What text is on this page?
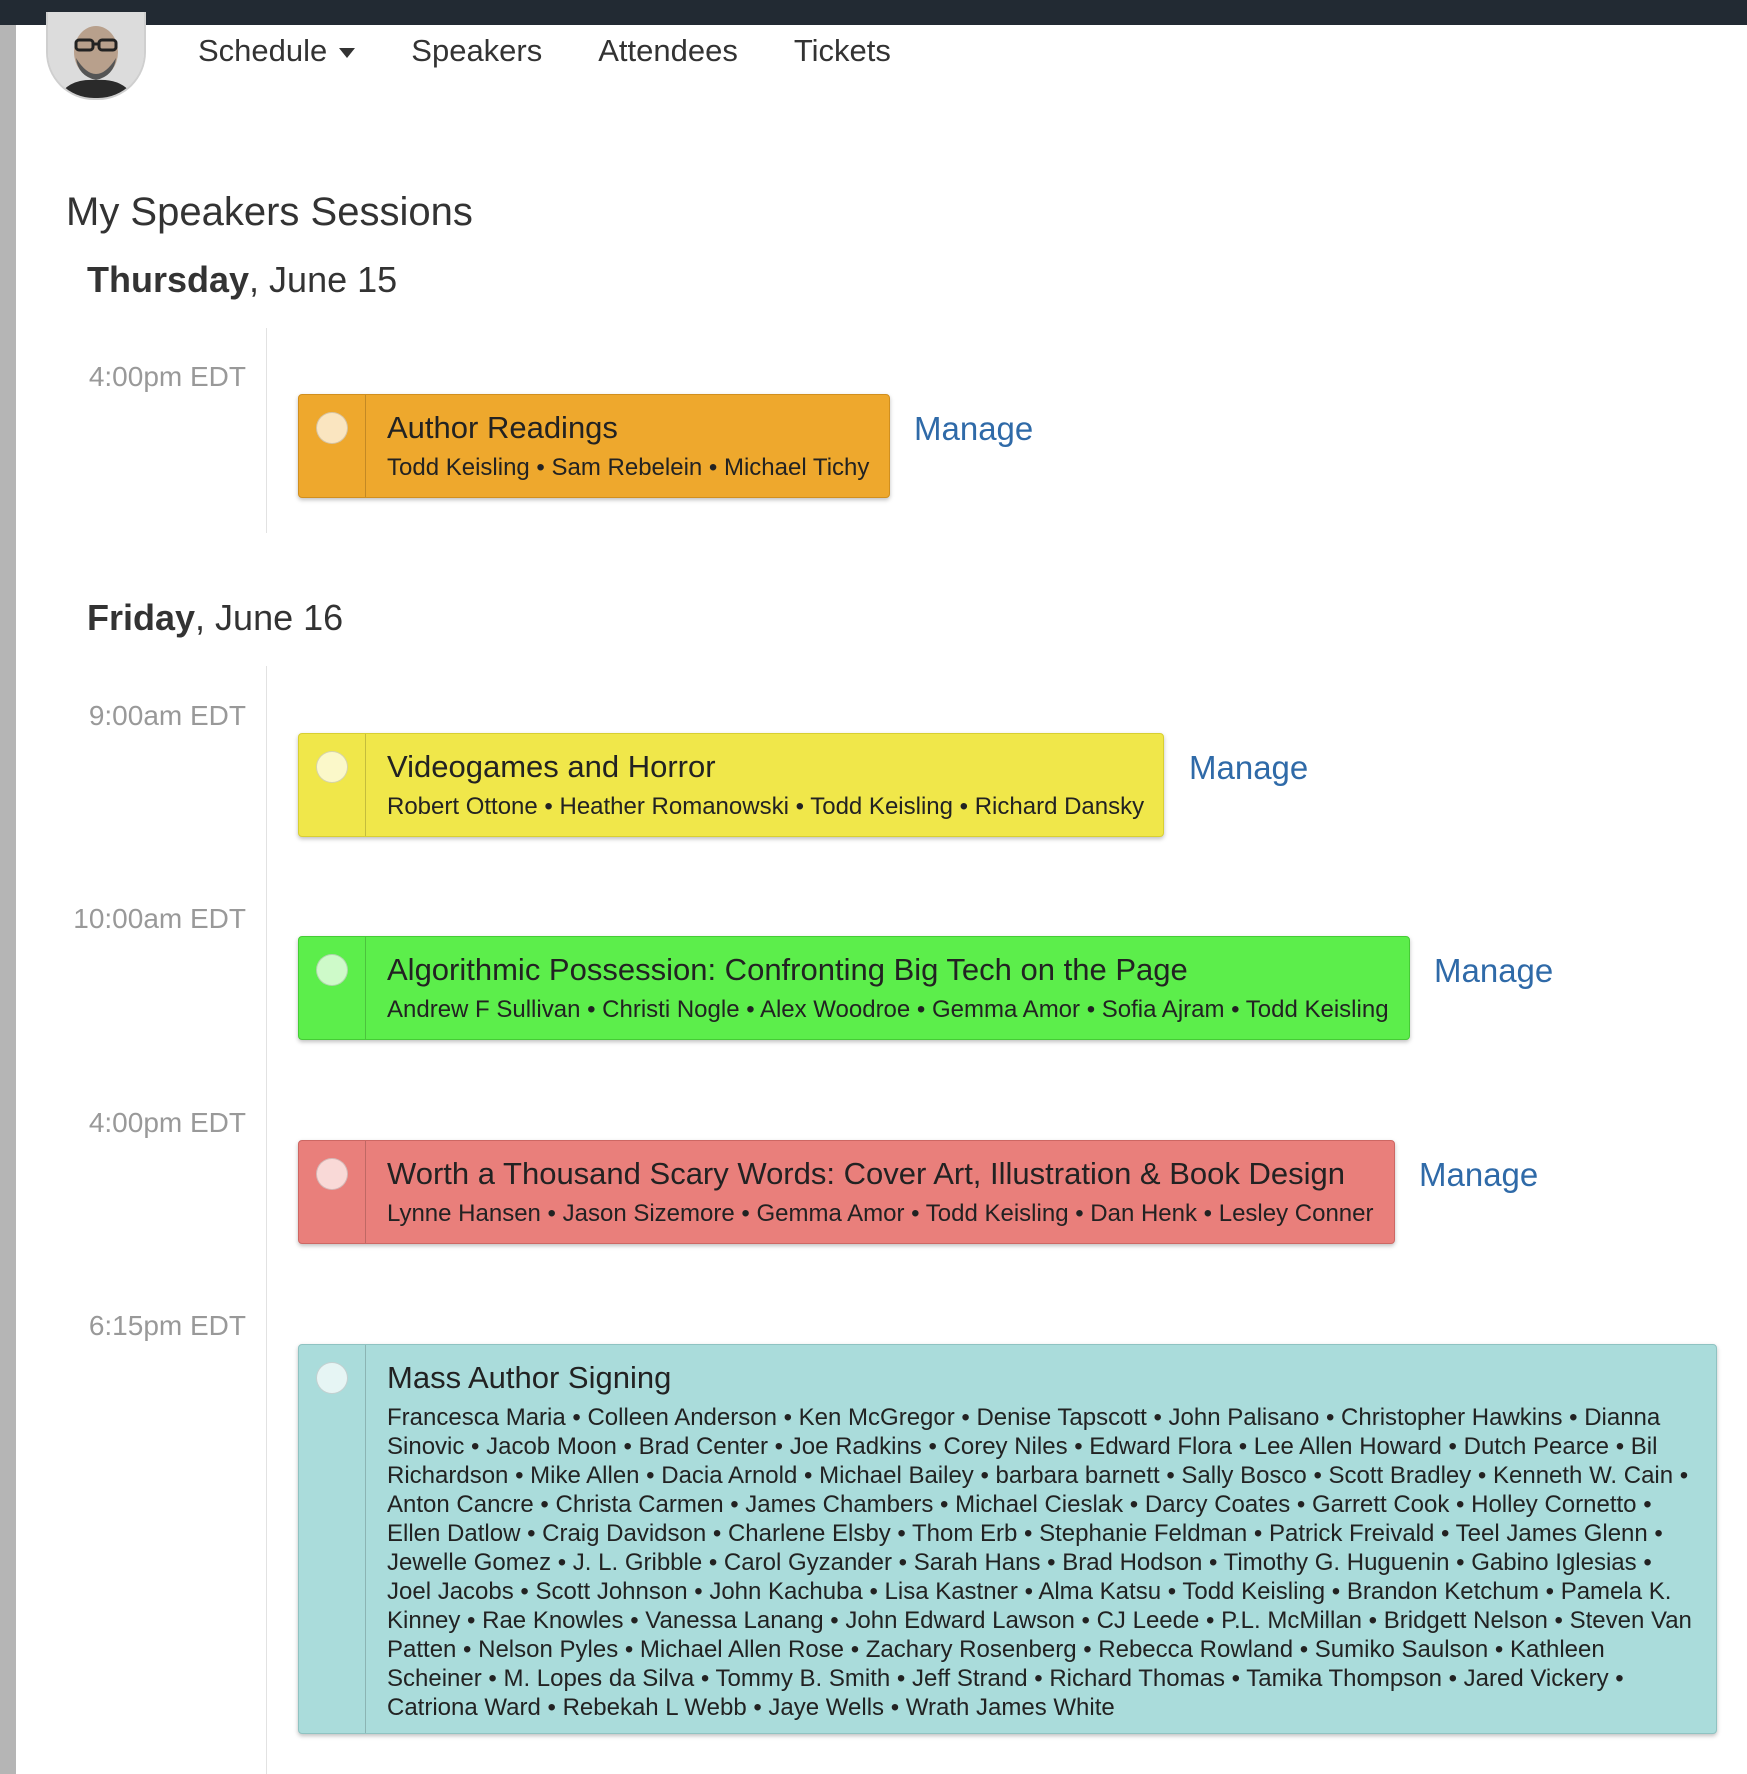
Schedule	Speakers Attendees Tickets
My Speakers Sessions
Thursday, June 15
4:00pm EDT
Author Readings
Todd Keisling • Sam Rebelein • Michael Tichy
Manage
Friday, June 16
9:00am EDT
Videogames and Horror
Robert Ottone • Heather Romanowski • Todd Keisling • Richard Dansky
Manage
10:00am EDT
Algorithmic Possession: Confronting Big Tech on the Page
Andrew F Sullivan • Christi Nogle • Alex Woodroe • Gemma Amor • Sofia Ajram • Todd Keisling
Manage
4:00pm EDT
Worth a Thousand Scary Words: Cover Art, Illustration & Book Design
Lynne Hansen • Jason Sizemore • Gemma Amor • Todd Keisling • Dan Henk • Lesley Conner
Manage
6:15pm EDT
Mass Author Signing
Francesca Maria • Colleen Anderson • Ken McGregor • Denise Tapscott • John Palisano • Christopher Hawkins • Dianna Sinovic • Jacob Moon • Brad Center • Joe Radkins • Corey Niles • Edward Flora • Lee Allen Howard • Dutch Pearce • Bil Richardson • Mike Allen • Dacia Arnold • Michael Bailey • barbara barnett • Sally Bosco • Scott Bradley • Kenneth W. Cain • Anton Cancre • Christa Carmen • James Chambers • Michael Cieslak • Darcy Coates • Garrett Cook • Holley Cornetto • Ellen Datlow • Craig Davidson • Charlene Elsby • Thom Erb • Stephanie Feldman • Patrick Freivald • Teel James Glenn • Jewelle Gomez • J. L. Gribble • Carol Gyzander • Sarah Hans • Brad Hodson • Timothy G. Huguenin • Gabino Iglesias • Joel Jacobs • Scott Johnson • John Kachuba • Lisa Kastner • Alma Katsu • Todd Keisling • Brandon Ketchum • Pamela K. Kinney • Rae Knowles • Vanessa Lanang • John Edward Lawson • CJ Leede • P.L. McMillan • Bridgett Nelson • Steven Van Patten • Nelson Pyles • Michael Allen Rose • Zachary Rosenberg • Rebecca Rowland • Sumiko Saulson • Kathleen Scheiner • M. Lopes da Silva • Tommy B. Smith • Jeff Strand • Richard Thomas • Tamika Thompson • Jared Vickery • Catriona Ward • Rebekah L Webb • Jaye Wells • Wrath James White
